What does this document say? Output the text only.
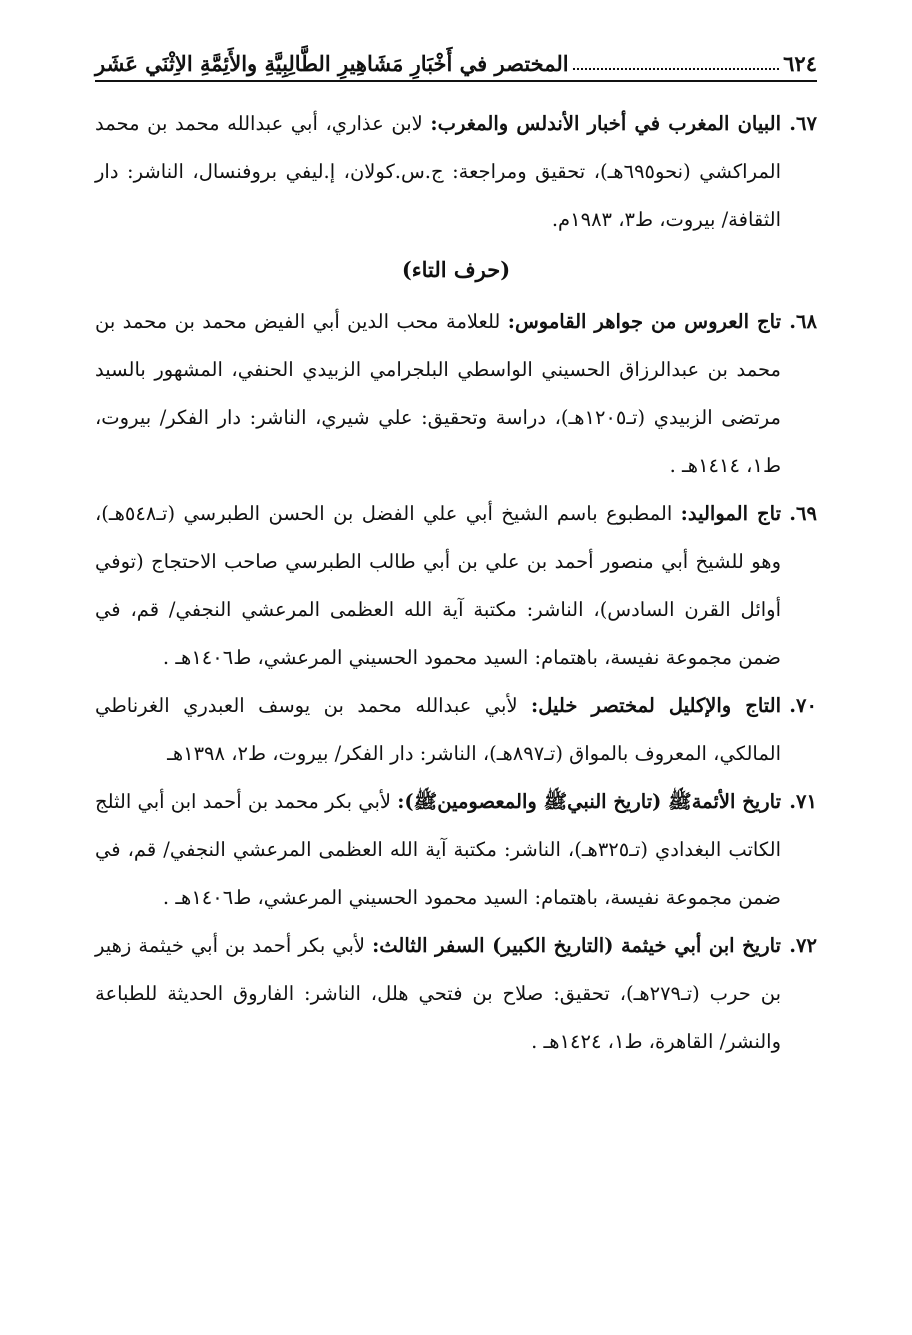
٦٢٤
المختصر في أَخْبَارِ مَشَاهِيرِ الطَّالِبِيَّةِ والأَئِمَّةِ الاِثْنَي عَشَر

٦٧.
البيان المغرب في أخبار الأندلس والمغرب: لابن عذاري، أبي عبدالله محمد بن محمد المراكشي (نحو٦٩٥هـ)، تحقيق ومراجعة: ج.س.كولان، إ.ليفي بروفنسال، الناشر: دار الثقافة/ بيروت، ط٣، ١٩٨٣م.

(حرف التاء)

٦٨.
تاج العروس من جواهر القاموس: للعلامة محب الدين أبي الفيض محمد بن محمد بن محمد بن عبدالرزاق الحسيني الواسطي البلجرامي الزبيدي الحنفي، المشهور بالسيد مرتضى الزبيدي (تـ١٢٠٥هـ)، دراسة وتحقيق: علي شيري، الناشر: دار الفكر/ بيروت، ط١، ١٤١٤هـ .

٦٩.
تاج المواليد: المطبوع باسم الشيخ أبي علي الفضل بن الحسن الطبرسي (تـ٥٤٨هـ)، وهو للشيخ أبي منصور أحمد بن علي بن أبي طالب الطبرسي صاحب الاحتجاج (توفي أوائل القرن السادس)، الناشر: مكتبة آية الله العظمى المرعشي النجفي/ قم، في ضمن مجموعة نفيسة، باهتمام: السيد محمود الحسيني المرعشي، ط١٤٠٦هـ .

٧٠.
التاج والإكليل لمختصر خليل: لأبي عبدالله محمد بن يوسف العبدري الغرناطي المالكي، المعروف بالمواق (تـ٨٩٧هـ)، الناشر: دار الفكر/ بيروت، ط٢، ١٣٩٨هـ

٧١.
تاريخ الأئمةﷺ (تاريخ النبيﷺ والمعصومينﷺ): لأبي بكر محمد بن أحمد ابن أبي الثلج الكاتب البغدادي (تـ٣٢٥هـ)، الناشر: مكتبة آية الله العظمى المرعشي النجفي/ قم، في ضمن مجموعة نفيسة، باهتمام: السيد محمود الحسيني المرعشي، ط١٤٠٦هـ .

٧٢.
تاريخ ابن أبي خيثمة (التاريخ الكبير) السفر الثالث: لأبي بكر أحمد بن أبي خيثمة زهير بن حرب (تـ٢٧٩هـ)، تحقيق: صلاح بن فتحي هلل، الناشر: الفاروق الحديثة للطباعة والنشر/ القاهرة، ط١، ١٤٢٤هـ .
